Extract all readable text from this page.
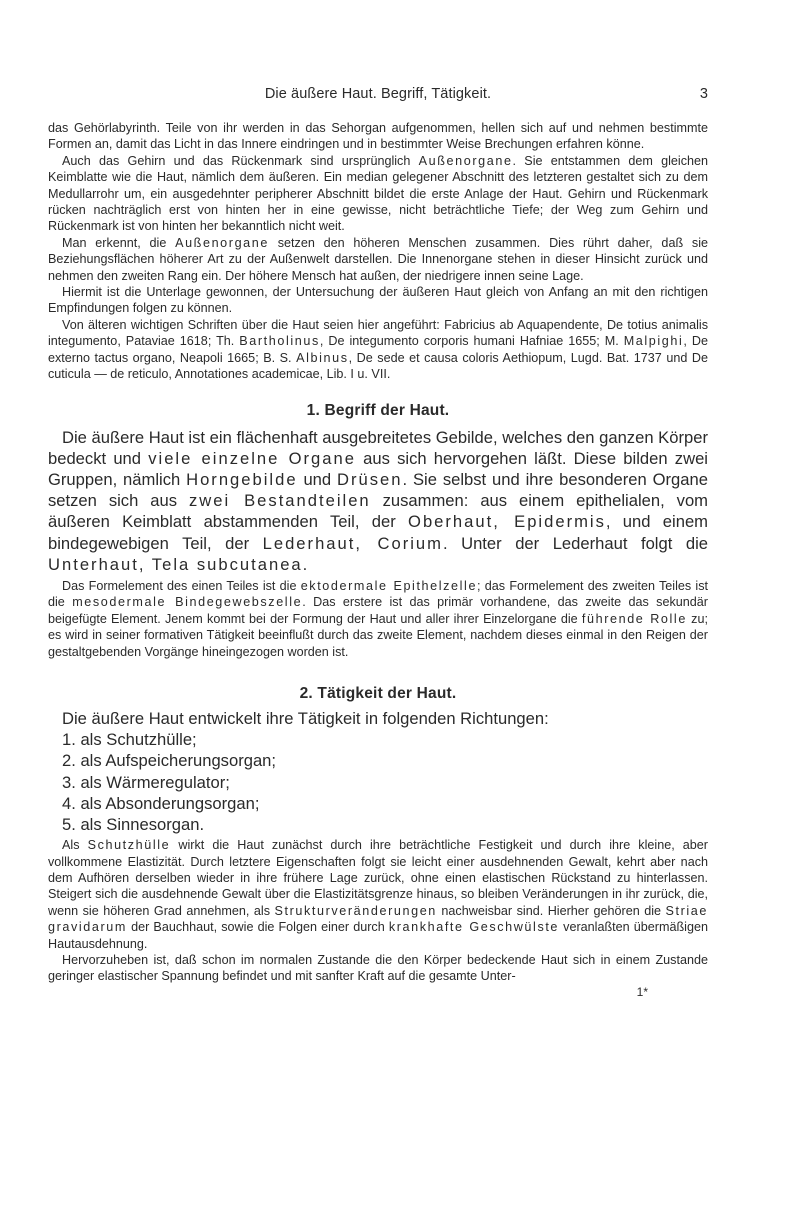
Die äußere Haut. Begriff, Tätigkeit.	3

das Gehörlabyrinth. Teile von ihr werden in das Sehorgan aufgenommen, hellen sich auf und nehmen bestimmte Formen an, damit das Licht in das Innere eindringen und in bestimmter Weise Brechungen erfahren könne.

Auch das Gehirn und das Rückenmark sind ursprünglich Außenorgane. Sie entstammen dem gleichen Keimblatte wie die Haut, nämlich dem äußeren. Ein median gelegener Abschnitt des letzteren gestaltet sich zu dem Medullarrohr um, ein ausgedehnter peripherer Abschnitt bildet die erste Anlage der Haut. Gehirn und Rückenmark rücken nachträglich erst von hinten her in eine gewisse, nicht beträchtliche Tiefe; der Weg zum Gehirn und Rückenmark ist von hinten her bekanntlich nicht weit.

Man erkennt, die Außenorgane setzen den höheren Menschen zusammen. Dies rührt daher, daß sie Beziehungsflächen höherer Art zu der Außenwelt darstellen. Die Innenorgane stehen in dieser Hinsicht zurück und nehmen den zweiten Rang ein. Der höhere Mensch hat außen, der niedrigere innen seine Lage.

Hiermit ist die Unterlage gewonnen, der Untersuchung der äußeren Haut gleich von Anfang an mit den richtigen Empfindungen folgen zu können.

Von älteren wichtigen Schriften über die Haut seien hier angeführt: Fabricius ab Aquapendente, De totius animalis integumento, Pataviae 1618; Th. Bartholinus, De integumento corporis humani Hafniae 1655; M. Malpighi, De externo tactus organo, Neapoli 1665; B. S. Albinus, De sede et causa coloris Aethiopum, Lugd. Bat. 1737 und De cuticula — de reticulo, Annotationes academicae, Lib. I u. VII.

1. Begriff der Haut.

Die äußere Haut ist ein flächenhaft ausgebreitetes Gebilde, welches den ganzen Körper bedeckt und viele einzelne Organe aus sich hervorgehen läßt. Diese bilden zwei Gruppen, nämlich Horngebilde und Drüsen. Sie selbst und ihre besonderen Organe setzen sich aus zwei Bestandteilen zusammen: aus einem epithelialen, vom äußeren Keimblatt abstammenden Teil, der Oberhaut, Epidermis, und einem bindegewebigen Teil, der Lederhaut, Corium. Unter der Lederhaut folgt die Unterhaut, Tela subcutanea.

Das Formelement des einen Teiles ist die ektodermale Epithelzelle; das Formelement des zweiten Teiles ist die mesodermale Bindegewebszelle. Das erstere ist das primär vorhandene, das zweite das sekundär beigefügte Element. Jenem kommt bei der Formung der Haut und aller ihrer Einzelorgane die führende Rolle zu; es wird in seiner formativen Tätigkeit beeinflußt durch das zweite Element, nachdem dieses einmal in den Reigen der gestaltgebenden Vorgänge hineingezogen worden ist.

2. Tätigkeit der Haut.

Die äußere Haut entwickelt ihre Tätigkeit in folgenden Richtungen:

1. als Schutzhülle;
2. als Aufspeicherungsorgan;
3. als Wärmeregulator;
4. als Absonderungsorgan;
5. als Sinnesorgan.

Als Schutzhülle wirkt die Haut zunächst durch ihre beträchtliche Festigkeit und durch ihre kleine, aber vollkommene Elastizität. Durch letztere Eigenschaften folgt sie leicht einer ausdehnenden Gewalt, kehrt aber nach dem Aufhören derselben wieder in ihre frühere Lage zurück, ohne einen elastischen Rückstand zu hinterlassen. Steigert sich die ausdehnende Gewalt über die Elastizitätsgrenze hinaus, so bleiben Veränderungen in ihr zurück, die, wenn sie höheren Grad annehmen, als Strukturveränderungen nachweisbar sind. Hierher gehören die Striae gravidarum der Bauchhaut, sowie die Folgen einer durch krankhafte Geschwülste veranlaßten übermäßigen Hautausdehnung.

Hervorzuheben ist, daß schon im normalen Zustande die den Körper bedeckende Haut sich in einem Zustande geringer elastischer Spannung befindet und mit sanfter Kraft auf die gesamte Unter-

1*
